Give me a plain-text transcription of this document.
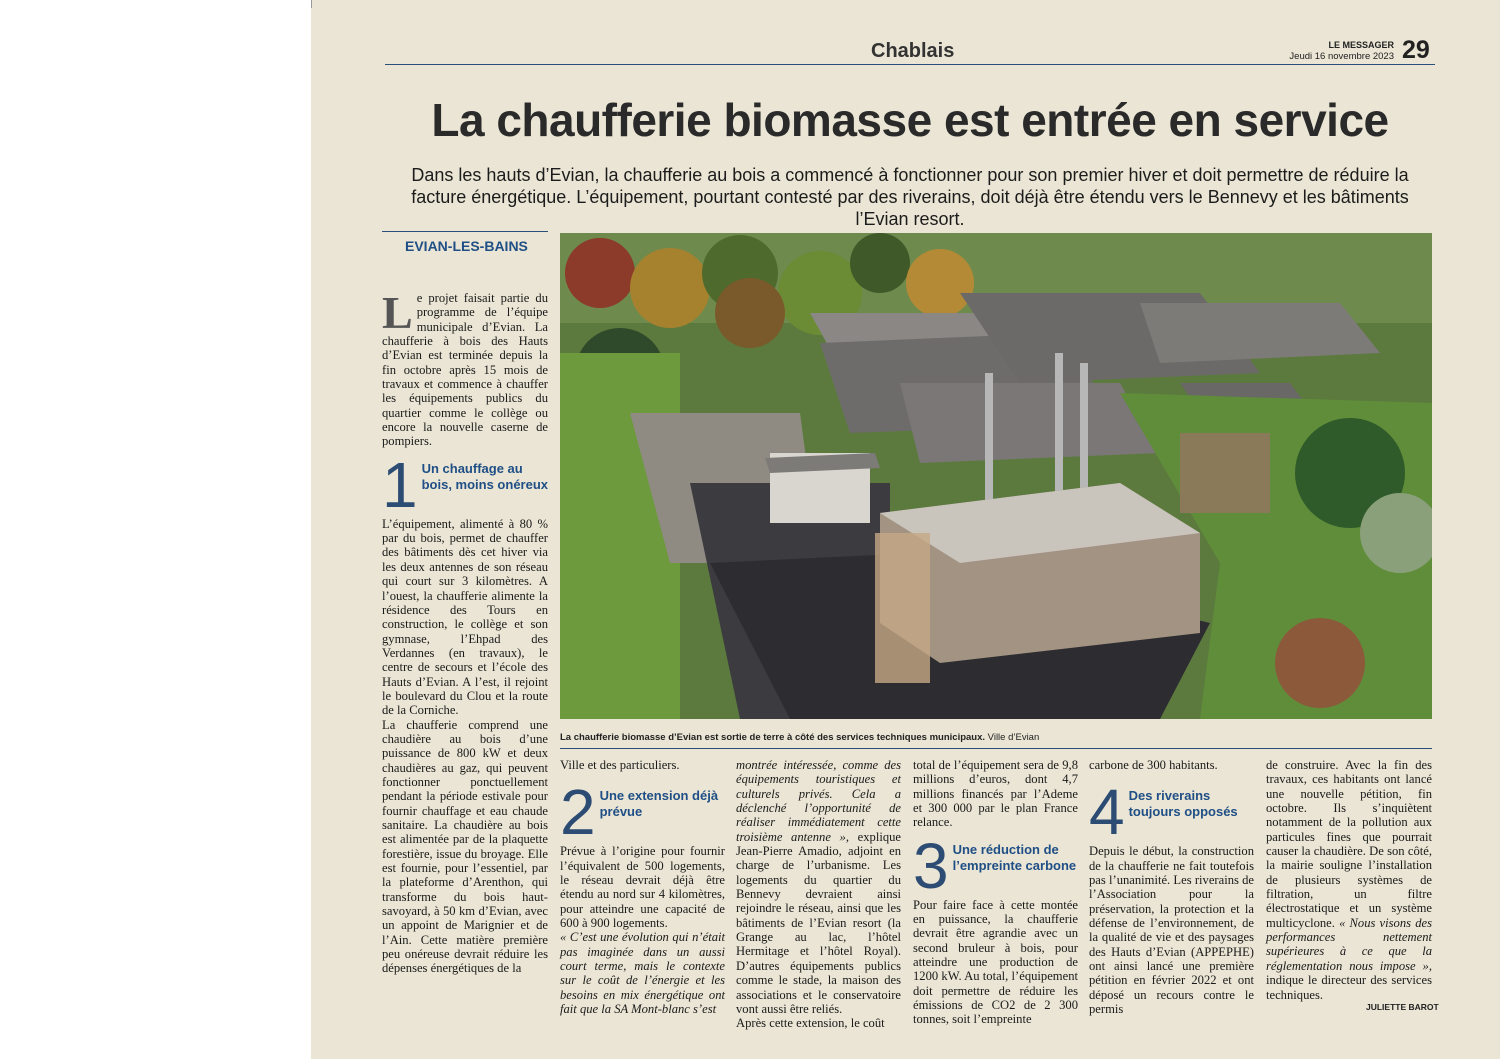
Chablais	LE MESSAGER
Jeudi 16 novembre 2023 29
La chaufferie biomasse est entrée en service
Dans les hauts d’Evian, la chaufferie au bois a commencé à fonctionner pour son premier hiver et doit permettre de réduire la facture énergétique. L’équipement, pourtant contesté par des riverains, doit déjà être étendu vers le Bennevy et les bâtiments l’Evian resort.
EVIAN-LES-BAINS

Le projet faisait partie du programme de l’équipe municipale d’Evian. La chaufferie à bois des Hauts d’Evian est terminée depuis la fin octobre après 15 mois de travaux et commence à chauffer les équipements publics du quartier comme le collège ou encore la nouvelle caserne de pompiers.

1 Un chauffage au bois, moins onéreux

L’équipement, alimenté à 80 % par du bois, permet de chauffer des bâtiments dès cet hiver via les deux antennes de son réseau qui court sur 3 kilomètres. A l’ouest, la chaufferie alimente la résidence des Tours en construction, le collège et son gymnase, l’Ehpad des Verdannes (en travaux), le centre de secours et l’école des Hauts d’Evian. A l’est, il rejoint le boulevard du Clou et la route de la Corniche.

La chaufferie comprend une chaudière au bois d’une puissance de 800 kW et deux chaudières au gaz, qui peuvent fonctionner ponctuellement pendant la période estivale pour fournir chauffage et eau chaude sanitaire. La chaudière au bois est alimentée par de la plaquette forestière, issue du broyage. Elle est fournie, pour l’essentiel, par la plateforme d’Arenthon, qui transforme du bois haut-savoyard, à 50 km d’Evian, avec un appoint de Marignier et de l’Ain. Cette matière première peu onéreuse devrait réduire les dépenses énergétiques de la

La chaufferie biomasse d’Evian est sortie de terre à côté des services techniques municipaux. Ville d’Evian

Ville et des particuliers.

2 Une extension déjà prévue

Prévue à l’origine pour fournir l’équivalent de 500 logements, le réseau devrait déjà être étendu au nord sur 4 kilomètres, pour atteindre une capacité de 600 à 900 logements.

« C’est une évolution qui n’était pas imaginée dans un aussi court terme, mais le contexte sur le coût de l’énergie et les besoins en mix énergétique ont fait que la SA Mont-blanc s’est

montrée intéressée, comme des équipements touristiques et culturels privés. Cela a déclenché l’opportunité de réaliser immédiatement cette troisième antenne », explique Jean-Pierre Amadio, adjoint en charge de l’urbanisme. Les logements du quartier du Bennevy devraient ainsi rejoindre le réseau, ainsi que les bâtiments de l’Evian resort (la Grange au lac, l’hôtel Hermitage et l’hôtel Royal). D’autres équipements publics comme le stade, la maison des associations et le conservatoire vont aussi être reliés.

Après cette extension, le coût

total de l’équipement sera de 9,8 millions d’euros, dont 4,7 millions financés par l’Ademe et 300 000 par le plan France relance.

3 Une réduction de l’empreinte carbone

Pour faire face à cette montée en puissance, la chaufferie devrait être agrandie avec un second bruleur à bois, pour atteindre une production de 1200 kW. Au total, l’équipement doit permettre de réduire les émissions de CO2 de 2 300 tonnes, soit l’empreinte

carbone de 300 habitants.

4 Des riverains toujours opposés

Depuis le début, la construction de la chaufferie ne fait toutefois pas l’unanimité. Les riverains de l’Association pour la préservation, la protection et la défense de l’environnement, de la qualité de vie et des paysages des Hauts d’Evian (APPEPHE) ont ainsi lancé une première pétition en février 2022 et ont déposé un recours contre le permis

de construire. Avec la fin des travaux, ces habitants ont lancé une nouvelle pétition, fin octobre. Ils s’inquiètent notamment de la pollution aux particules fines que pourrait causer la chaudière. De son côté, la mairie souligne l’installation de plusieurs systèmes de filtration, un filtre électrostatique et un système multicyclone. « Nous visons des performances nettement supérieures à ce que la réglementation nous impose », indique le directeur des services techniques.

JULIETTE BAROT
